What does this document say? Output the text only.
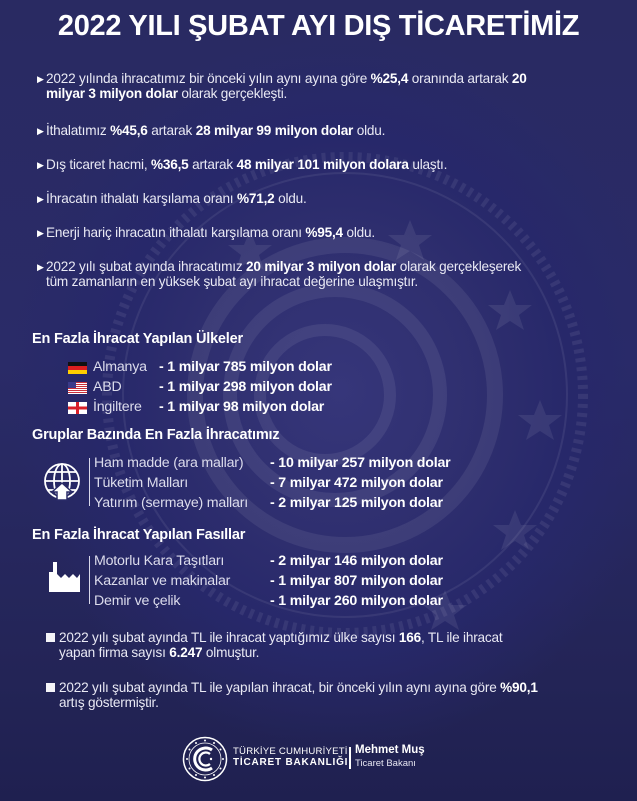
2022 YILI ŞUBAT AYI DIŞ TİCARETİMİZ
▶ 2022 yılında ihracatımız bir önceki yılın aynı ayına göre %25,4 oranında artarak 20 milyar 3 milyon dolar olarak gerçekleşti.
▶ İthalatımız %45,6 artarak 28 milyar 99 milyon dolar oldu.
▶ Dış ticaret hacmi, %36,5 artarak 48 milyar 101 milyon dolara ulaştı.
▶ İhracatın ithalatı karşılama oranı %71,2 oldu.
▶ Enerji hariç ihracatın ithalatı karşılama oranı %95,4 oldu.
▶ 2022 yılı şubat ayında ihracatımız 20 milyar 3 milyon dolar olarak gerçekleşerek tüm zamanların en yüksek şubat ayı ihracat değerine ulaşmıştır.
En Fazla İhracat Yapılan Ülkeler
Almanya - 1 milyar 785 milyon dolar
ABD	- 1 milyar 298 milyon dolar
İngiltere - 1 milyar 98 milyon dolar
Gruplar Bazında En Fazla İhracatımız
Ham madde (ara mallar) - 10 milyar 257 milyon dolar
Tüketim Malları	- 7 milyar 472 milyon dolar
Yatırım (sermaye) malları - 2 milyar 125 milyon dolar
En Fazla İhracat Yapılan Fasıllar
Motorlu Kara Taşıtları	- 2 milyar 146 milyon dolar
Kazanlar ve makinalar	- 1 milyar 807 milyon dolar
Demir ve çelik	- 1 milyar 260 milyon dolar
2022 yılı şubat ayında TL ile ihracat yaptığımız ülke sayısı 166, TL ile ihracat yapan firma sayısı 6.247 olmuştur.
2022 yılı şubat ayında TL ile yapılan ihracat, bir önceki yılın aynı ayına göre %90,1 artış göstermiştir.
TÜRKİYE CUMHURİYETİ
TİCARET BAKANLIĞI
Mehmet Muş
Ticaret Bakanı
